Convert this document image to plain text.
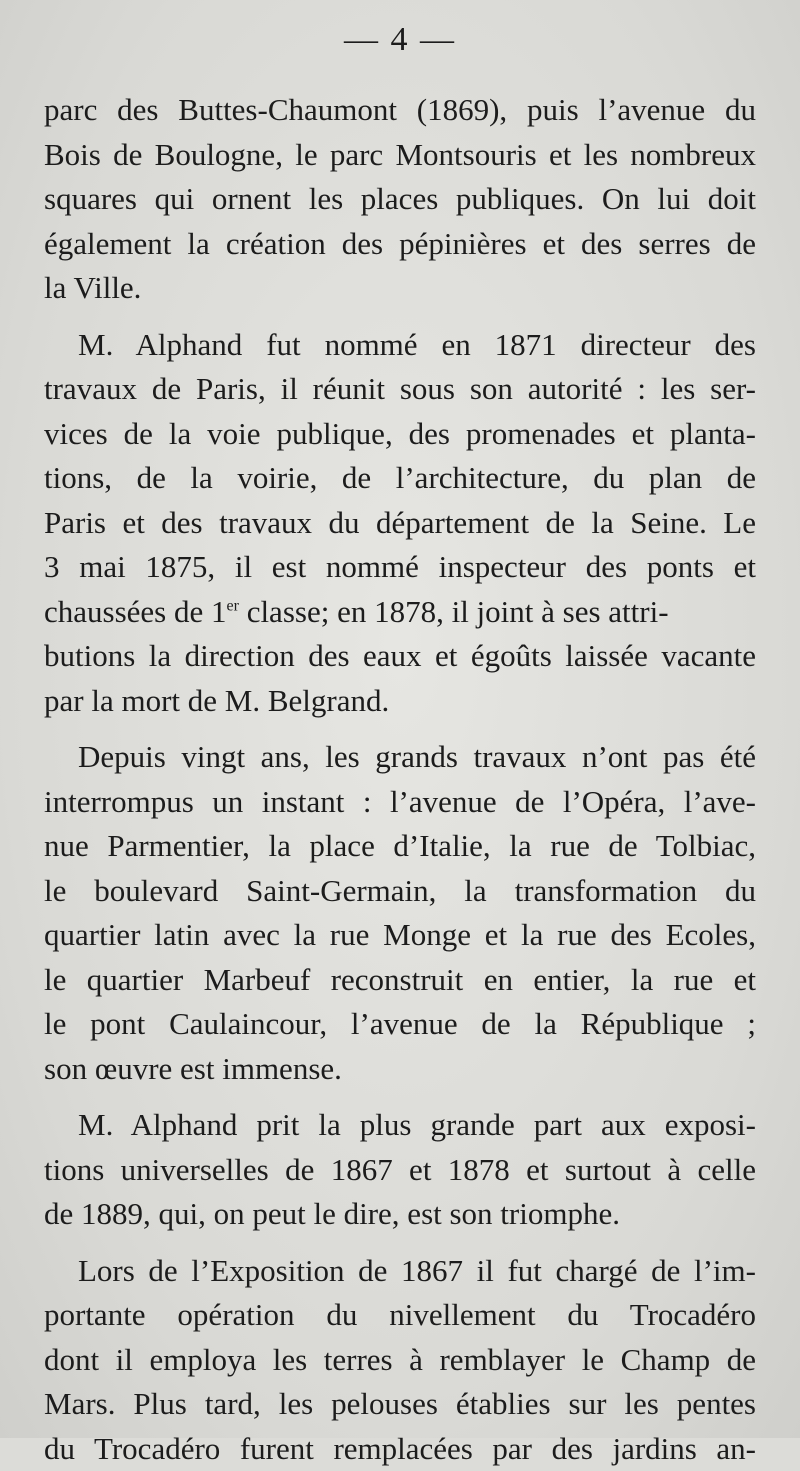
— 4 —
parc des Buttes-Chaumont (1869), puis l’avenue du
Bois de Boulogne, le parc Montsouris et les nombreux
squares qui ornent les places publiques. On lui doit
également la création des pépinières et des serres de
la Ville.
M. Alphand fut nommé en 1871 directeur des
travaux de Paris, il réunit sous son autorité : les ser-
vices de la voie publique, des promenades et planta-
tions, de la voirie, de l’architecture, du plan de
Paris et des travaux du département de la Seine. Le
3 mai 1875, il est nommé inspecteur des ponts et
chaussées de 1er classe; en 1878, il joint à ses attri-
butions la direction des eaux et égoûts laissée vacante
par la mort de M. Belgrand.
Depuis vingt ans, les grands travaux n’ont pas été
interrompus un instant : l’avenue de l’Opéra, l’ave-
nue Parmentier, la place d’Italie, la rue de Tolbiac,
le boulevard Saint-Germain, la transformation du
quartier latin avec la rue Monge et la rue des Ecoles,
le quartier Marbeuf reconstruit en entier, la rue et
le pont Caulaincour, l’avenue de la République ;
son œuvre est immense.
M. Alphand prit la plus grande part aux exposi-
tions universelles de 1867 et 1878 et surtout à celle
de 1889, qui, on peut le dire, est son triomphe.
Lors de l’Exposition de 1867 il fut chargé de l’im-
portante opération du nivellement du Trocadéro
dont il employa les terres à remblayer le Champ de
Mars. Plus tard, les pelouses établies sur les pentes
du Trocadéro furent remplacées par des jardins an-
